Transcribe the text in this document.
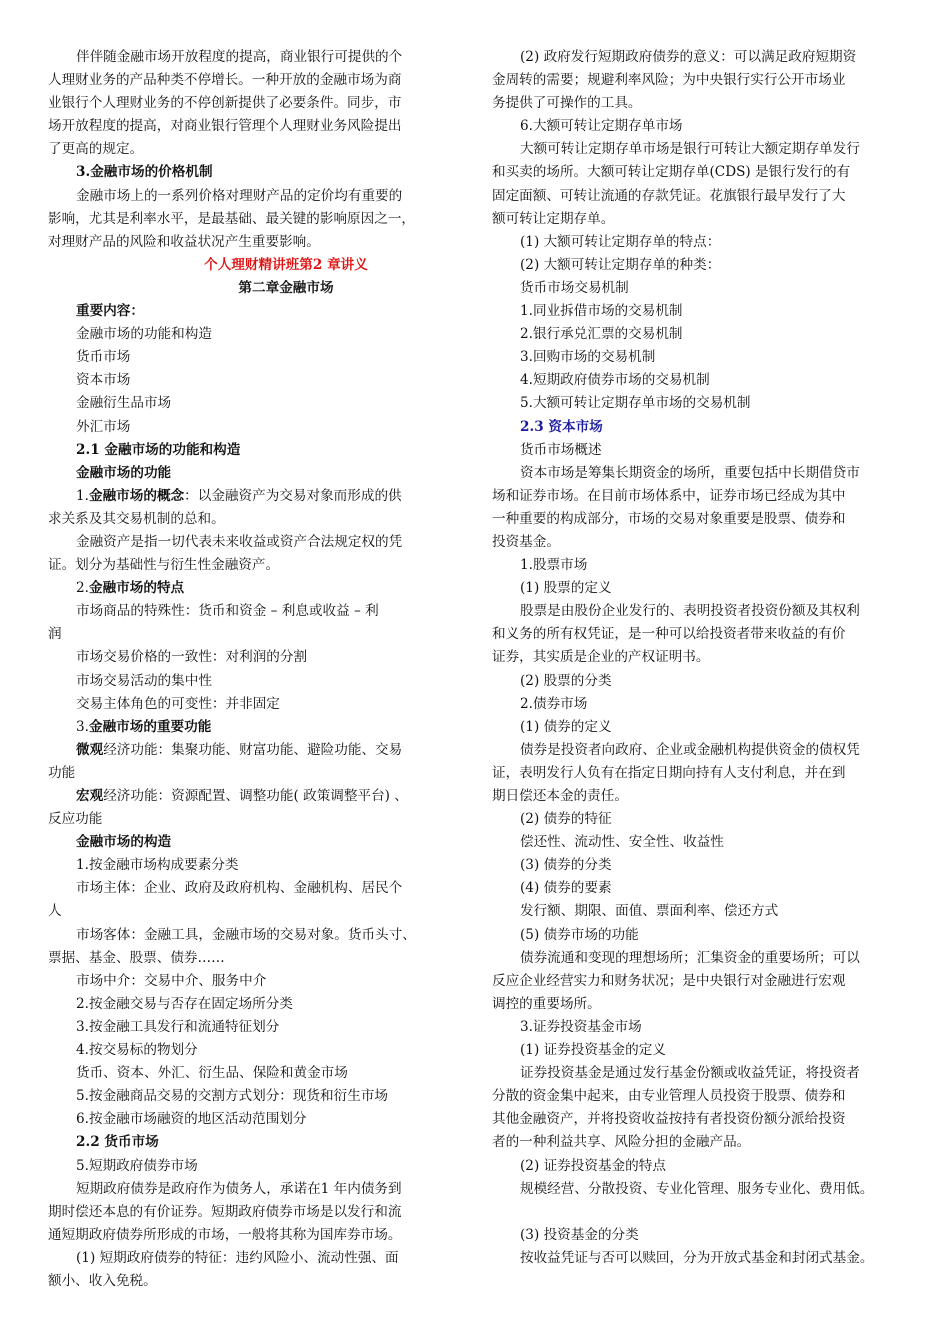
伴伴随金融市场开放程度的提高，商业银行可提供的个
人理财业务的产品种类不停增长。一种开放的金融市场为商
业银行个人理财业务的不停创新提供了必要条件。同步，市
场开放程度的提高，对商业银行管理个人理财业务风险提出
了更高的规定。
3.金融市场的价格机制
金融市场上的一系列价格对理财产品的定价均有重要的
影响，尤其是利率水平，是最基础、最关键的影响原因之一，
对理财产品的风险和收益状况产生重要影响。
个人理财精讲班第2 章讲义
第二章金融市场
重要内容：
金融市场的功能和构造
货币市场
资本市场
金融衍生品市场
外汇市场
2.1 金融市场的功能和构造
金融市场的功能
1.金融市场的概念：以金融资产为交易对象而形成的供
求关系及其交易机制的总和。
金融资产是指一切代表未来收益或资产合法规定权的凭
证。划分为基础性与衍生性金融资产。
2.金融市场的特点
市场商品的特殊性：货币和资金 – 利息或收益 – 利
润
市场交易价格的一致性：对利润的分割
市场交易活动的集中性
交易主体角色的可变性：并非固定
3.金融市场的重要功能
微观经济功能：集聚功能、财富功能、避险功能、交易
功能
宏观经济功能：资源配置、调整功能( 政策调整平台) 、
反应功能
金融市场的构造
1.按金融市场构成要素分类
市场主体：企业、政府及政府机构、金融机构、居民个
人
市场客体：金融工具，金融市场的交易对象。货币头寸、
票据、基金、股票、债券……
市场中介：交易中介、服务中介
2.按金融交易与否存在固定场所分类
3.按金融工具发行和流通特征划分
4.按交易标的物划分
货币、资本、外汇、衍生品、保险和黄金市场
5.按金融商品交易的交割方式划分：现货和衍生市场
6.按金融市场融资的地区活动范围划分
2.2 货币市场
5.短期政府债券市场
短期政府债券是政府作为债务人，承诺在1 年内债务到
期时偿还本息的有价证券。短期政府债券市场是以发行和流
通短期政府债券所形成的市场，一般将其称为国库券市场。
(1) 短期政府债券的特征：违约风险小、流动性强、面
额小、收入免税。
(2) 政府发行短期政府债券的意义：可以满足政府短期资
金周转的需要；规避利率风险；为中央银行实行公开市场业
务提供了可操作的工具。
6.大额可转让定期存单市场
大额可转让定期存单市场是银行可转让大额定期存单发行
和买卖的场所。大额可转让定期存单(CDS) 是银行发行的有
固定面额、可转让流通的存款凭证。花旗银行最早发行了大
额可转让定期存单。
(1) 大额可转让定期存单的特点：
(2) 大额可转让定期存单的种类：
货币市场交易机制
1.同业拆借市场的交易机制
2.银行承兑汇票的交易机制
3.回购市场的交易机制
4.短期政府债券市场的交易机制
5.大额可转让定期存单市场的交易机制
2.3 资本市场
货币市场概述
资本市场是筹集长期资金的场所，重要包括中长期借贷市
场和证券市场。在目前市场体系中，证券市场已经成为其中
一种重要的构成部分，市场的交易对象重要是股票、债券和
投资基金。
1.股票市场
(1) 股票的定义
股票是由股份企业发行的、表明投资者投资份额及其权利
和义务的所有权凭证，是一种可以给投资者带来收益的有价
证券，其实质是企业的产权证明书。
(2) 股票的分类
2.债券市场
(1) 债券的定义
债券是投资者向政府、企业或金融机构提供资金的债权凭
证，表明发行人负有在指定日期向持有人支付利息，并在到
期日偿还本金的责任。
(2) 债券的特征
偿还性、流动性、安全性、收益性
(3) 债券的分类
(4) 债券的要素
发行额、期限、面值、票面利率、偿还方式
(5) 债券市场的功能
债券流通和变现的理想场所；汇集资金的重要场所；可以
反应企业经营实力和财务状况；是中央银行对金融进行宏观
调控的重要场所。
3.证券投资基金市场
(1) 证券投资基金的定义
证券投资基金是通过发行基金份额或收益凭证，将投资者
分散的资金集中起来，由专业管理人员投资于股票、债券和
其他金融资产，并将投资收益按持有者投资份额分派给投资
者的一种利益共享、风险分担的金融产品。
(2) 证券投资基金的特点
规模经营、分散投资、专业化管理、服务专业化、费用低。
(3) 投资基金的分类
按收益凭证与否可以赎回，分为开放式基金和封闭式基金。
